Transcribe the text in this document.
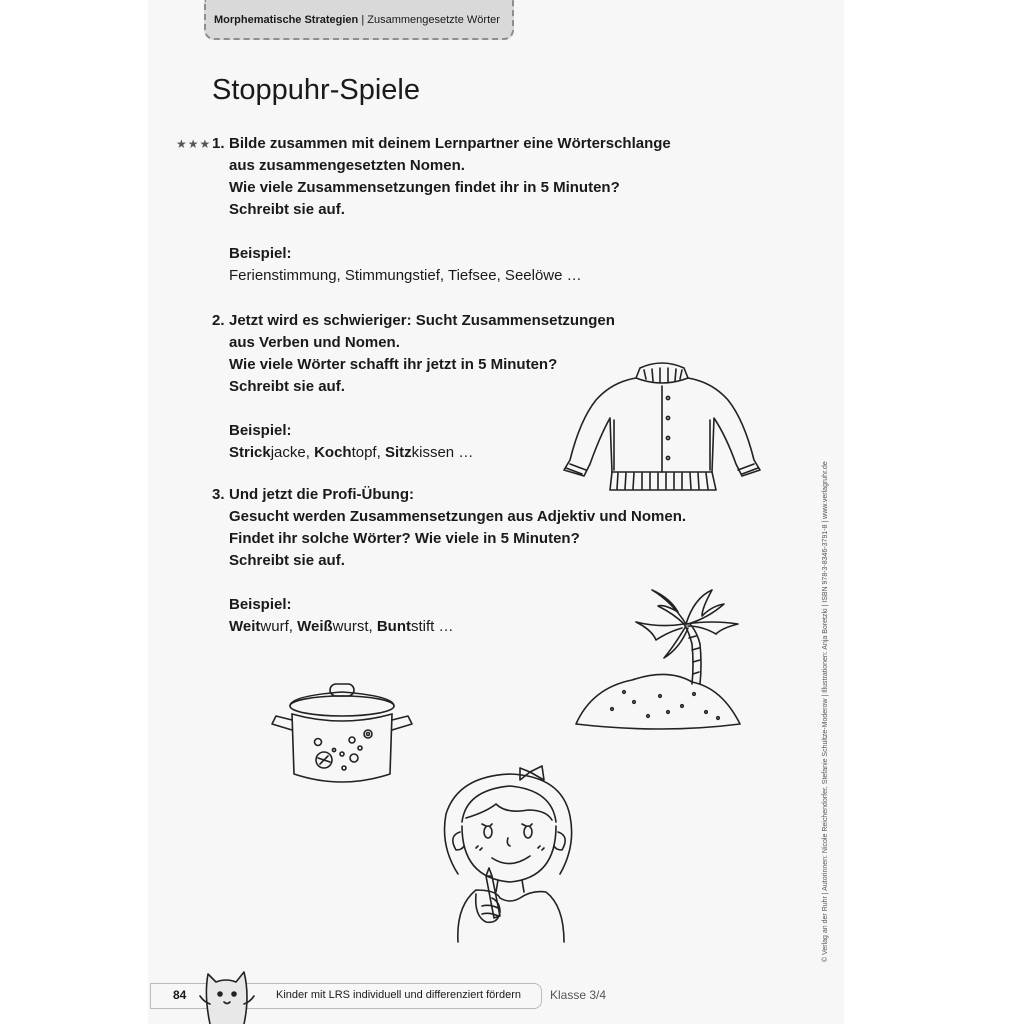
Morphematische Strategien | Zusammengesetzte Wörter
Stoppuhr-Spiele
★★★ 1. Bilde zusammen mit deinem Lernpartner eine Wörterschlange
aus zusammengesetzten Nomen.
Wie viele Zusammensetzungen findet ihr in 5 Minuten?
Schreibt sie auf.
Beispiel:
Ferienstimmung, Stimmungstief, Tiefsee, Seelöwe …
2. Jetzt wird es schwieriger: Sucht Zusammensetzungen
aus Verben und Nomen.
Wie viele Wörter schafft ihr jetzt in 5 Minuten?
Schreibt sie auf.
Beispiel:
Strickjacke, Kochtopf, Sitzkissen …
3. Und jetzt die Profi-Übung:
Gesucht werden Zusammensetzungen aus Adjektiv und Nomen.
Findet ihr solche Wörter? Wie viele in 5 Minuten?
Schreibt sie auf.
Beispiel:
Weitwurf, Weißwurst, Buntstift …	© Verlag an der Ruhr | Autorinnen: Nicole Reichendorfer, Stefanie Schultze-Moderow | Illustrationen: Anja Boretzki | ISBN 978-3-8346-3791-8 | www.verlagruhr.de
84	Kinder mit LRS individuell und differenziert fördern Klasse 3/4
